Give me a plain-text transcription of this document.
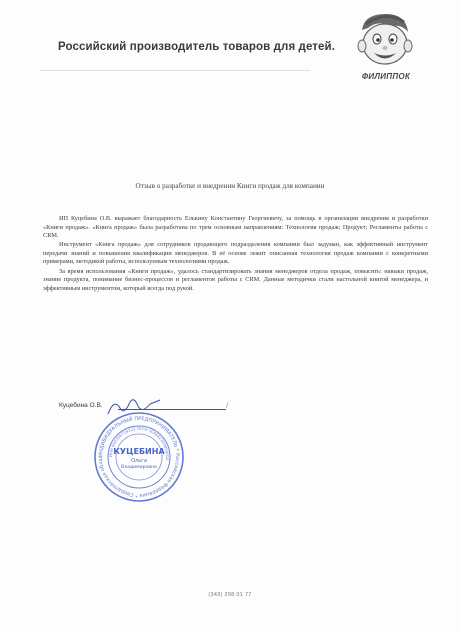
Российский производитель товаров для детей.
ФИЛИППОК
Отзыв о разработке и внедрении Книги продаж для компании

ИП Куцебина О.В. выражает благодарность Елькину Константину Георгиевичу, за помощь в организации внедрения и разработки «Книги продаж». «Книга продаж» была разработана по трем основным направлениям: Технология продаж; Продукт; Регламенты работы с CRM.

Инструмент «Книга продаж» для сотрудников продающего подразделения компании был задуман, как эффективный инструмент передачи знаний и повышения квалификации менеджеров. В её основе лежит описанная технология продаж компании с конкретными примерами, методикой работы, используемым технологиями продаж.

За время использования «Книги продаж», удалось стандартизировать знания менеджеров отдела продаж, повысить: навыки продаж, знание продукта, понимание бизнес-процессов и регламентов работы с CRM. Данные методички стали настольной книгой менеджера, и эффективным инструментом, который всегда под рукой.

Куцебина О.В.	/
ИНДИВИДУАЛЬНЫЙ ПРЕДПРИНИМАТЕЛЬ * Российская Федерация * Свердловская облас	ИНН 662306718222 ОГРН 304662309800010
КУЦЕБИНА
Ольга
Владимировна
(343) 298 01 77
